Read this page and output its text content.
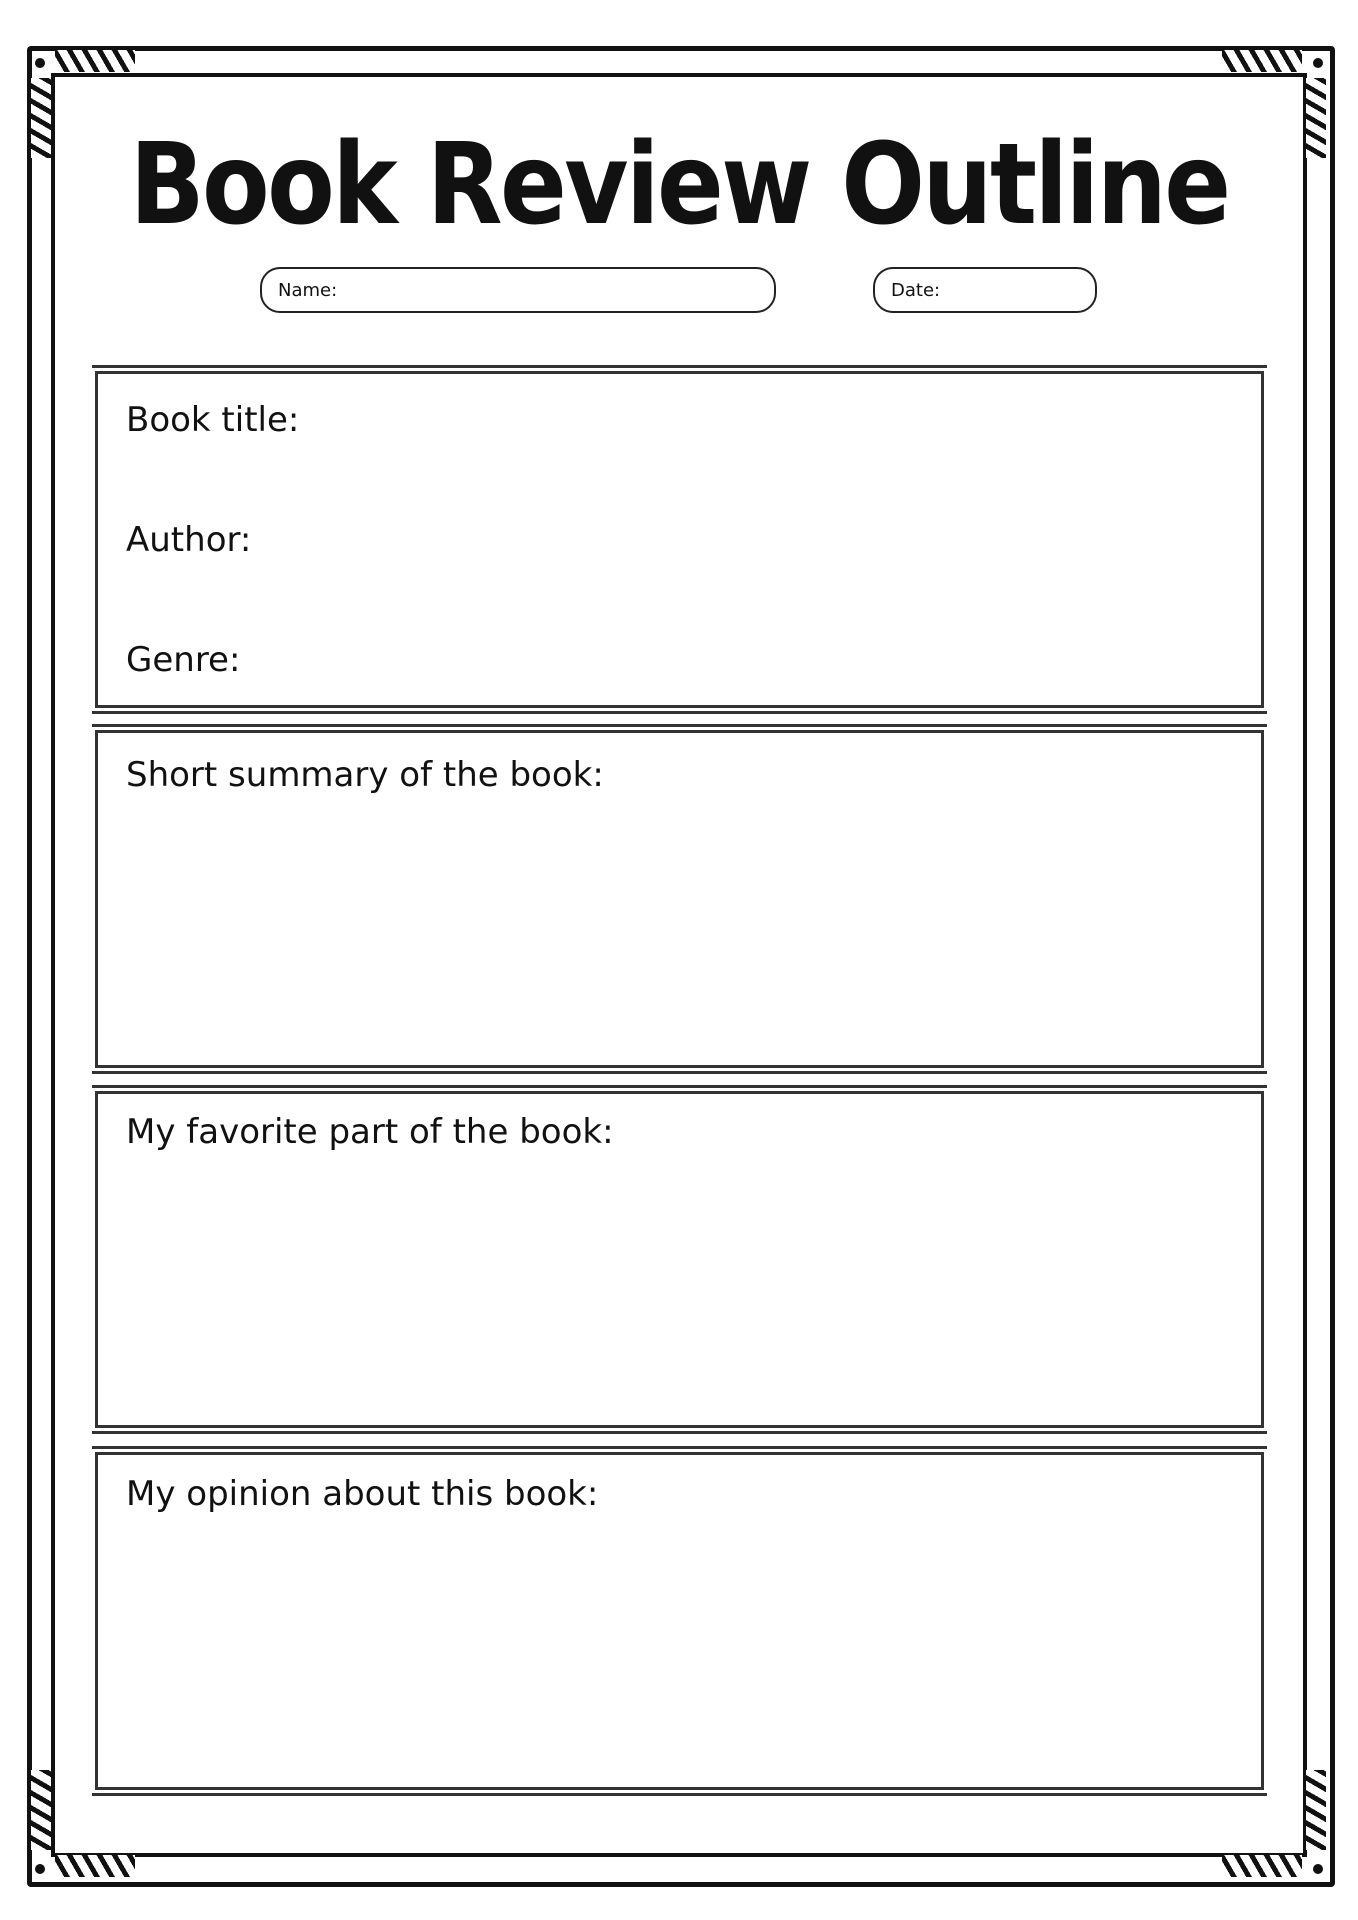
Book Review Outline
Name:	Date:
Book title:
Author:
Genre:
Short summary of the book:
My favorite part of the book:
My opinion about this book:
